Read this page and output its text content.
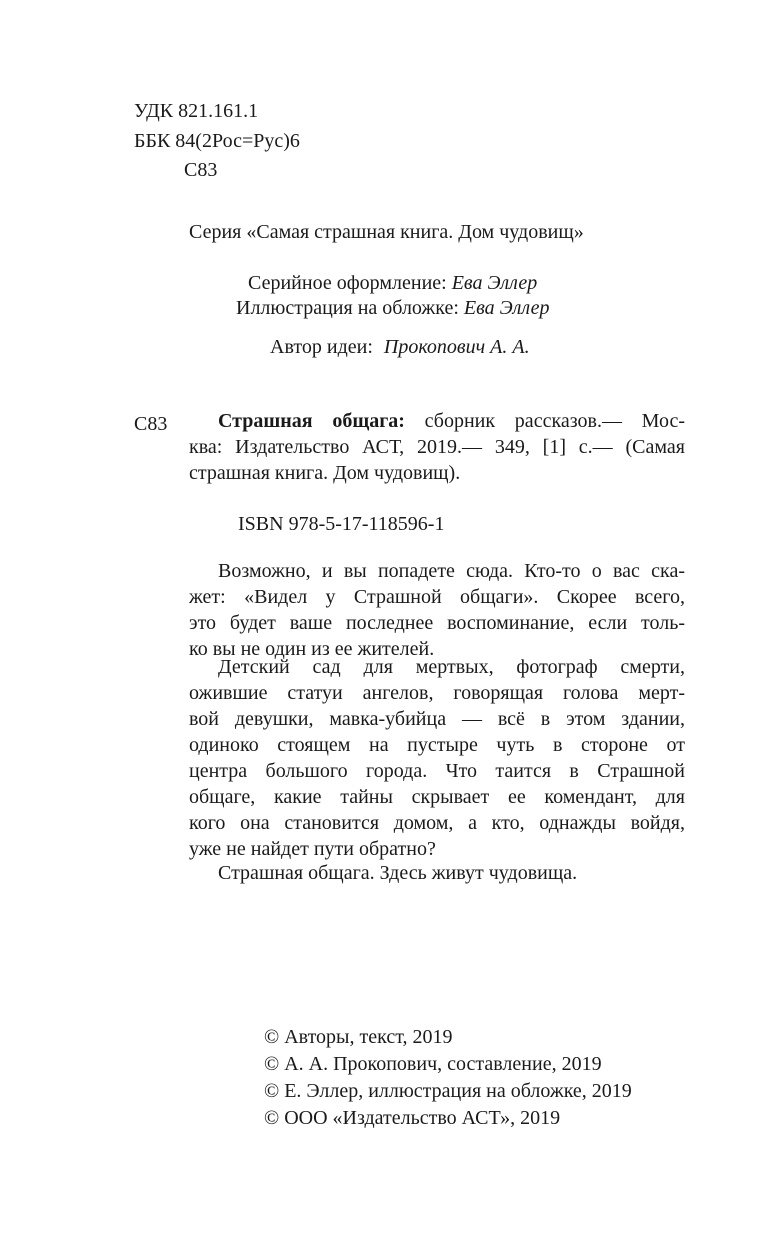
УДК 821.161.1
ББК 84(2Рос=Рус)6
С83
Серия «Самая страшная книга. Дом чудовищ»
Серийное оформление: Ева Эллер
Иллюстрация на обложке: Ева Эллер
Автор идеи: Прокопович А. А.
С83	Страшная общага: сборник рассказов.— Мос-
ква: Издательство АСТ, 2019.— 349, [1] с.— (Самая
страшная книга. Дом чудовищ).
ISBN 978-5-17-118596-1
Возможно, и вы попадете сюда. Кто-то о вас ска-
жет: «Видел у Страшной общаги». Скорее всего,
это будет ваше последнее воспоминание, если толь-
ко вы не один из ее жителей.
Детский сад для мертвых, фотограф смерти,
ожившие статуи ангелов, говорящая голова мерт-
вой девушки, мавка-убийца — всё в этом здании,
одиноко стоящем на пустыре чуть в стороне от
центра большого города. Что таится в Страшной
общаге, какие тайны скрывает ее комендант, для
кого она становится домом, а кто, однажды войдя,
уже не найдет пути обратно?
Страшная общага. Здесь живут чудовища.
© Авторы, текст, 2019
© А. А. Прокопович, составление, 2019
© Е. Эллер, иллюстрация на обложке, 2019
© ООО «Издательство АСТ», 2019
